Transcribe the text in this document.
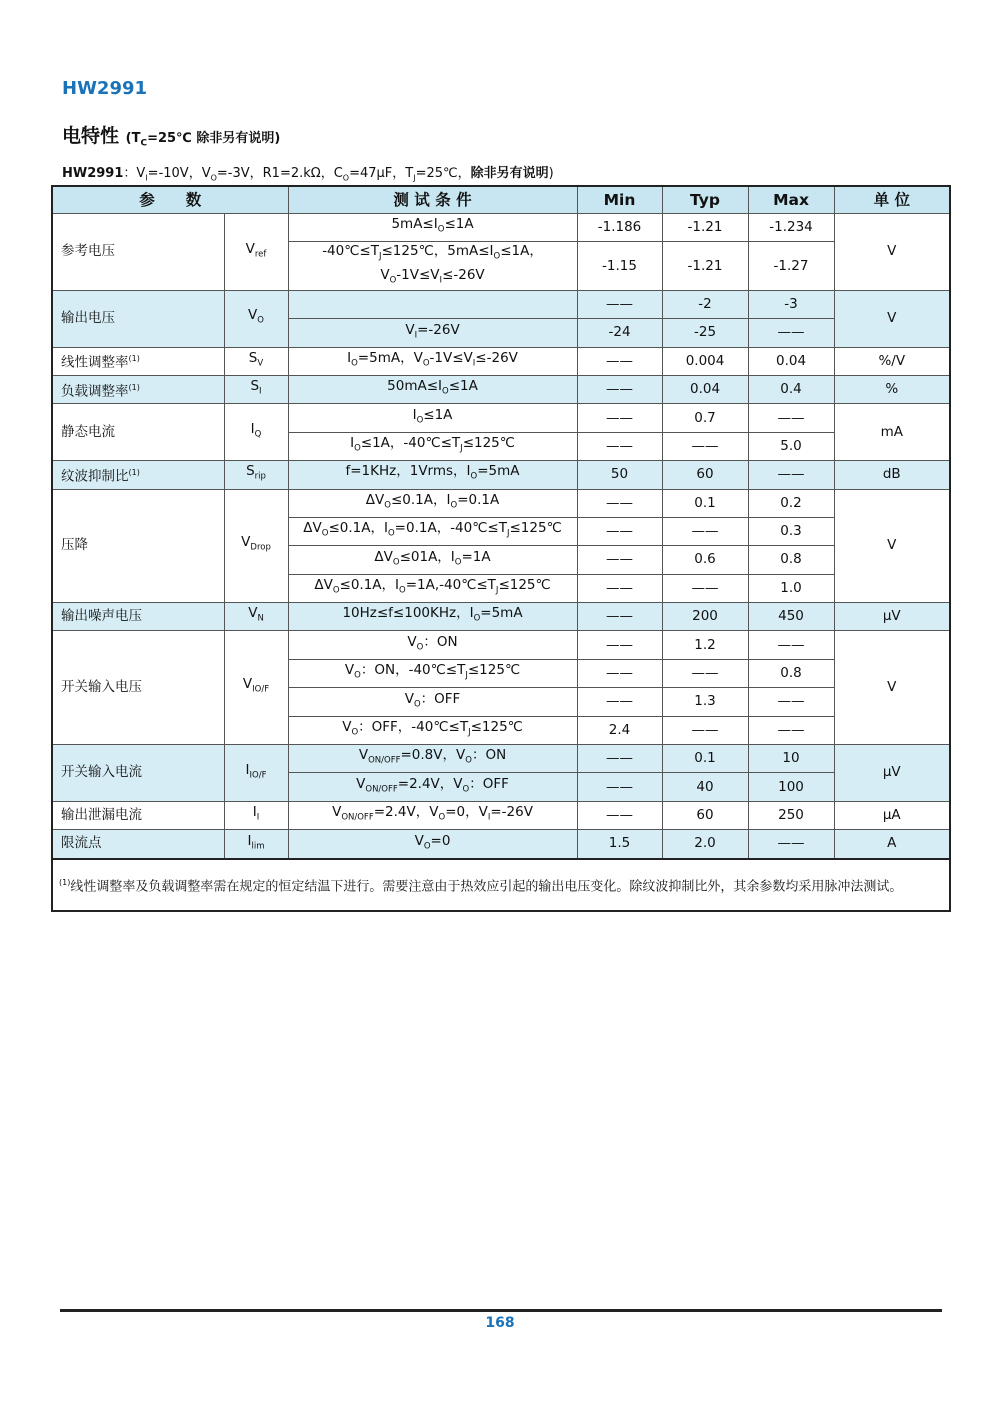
HW2991
电特性 ($T_C=25℃$ 除非另有说明)
HW2991：$V_I=-10V$，$V_O=-3V$，R1=2.kΩ，$C_O=47\mu F$，$T_J=25℃$，除非另有说明)
参　　数		测 试 条 件	Min	Typ	Max	单 位
参考电压	$V_{ref}$	$5mA\le I_O\le 1A$	-1.186	-1.21	-1.234	V
		$-40℃\le T_J\le 125℃$，$5mA\le I_O\le 1A$，
$V_O-1V\le V_I\le-26V$	-1.15	-1.21	-1.27	
输出电压	$V_O$		——	-2	-3	V
		$V_I=-26V$	-24	-25	——	
线性调整率$^{(1)}$	$S_V$	$I_O=5mA$，$V_O-1V\le V_I\le-26V$	——	0.004	0.04	%/V
负载调整率$^{(1)}$	$S_I$	$50mA\le I_O\le 1A$	——	0.04	0.4	%
静态电流	$I_Q$	$I_O\le 1A$	——	0.7	——	mA
		$I_O\le 1A$，$-40℃\le T_J\le 125℃$	——	——	5.0	
纹波抑制比$^{(1)}$	$S_{rip}$	f=1KHz，1Vrms，$I_O=5mA$	50	60	——	dB
压降	$V_{Drop}$	$\Delta V_O\le 0.1A$，$I_O=0.1A$	——	0.1	0.2	V
		$\Delta V_O\le 0.1A$，$I_O=0.1A$，$-40℃\le T_J\le 125℃$	——	——	0.3	
		$\Delta V_O\le 01A$，$I_O=1A$	——	0.6	0.8	
		$\Delta V_O\le 0.1A$，$I_O=1A,-40℃\le T_J\le 125℃$	——	——	1.0	
输出噪声电压	$V_N$	10Hz≤f≤100KHz，$I_O=5mA$	——	200	450	μV
开关输入电压	$V_{IO/F}$	$V_O$：ON	——	1.2	——	V
		$V_O$：ON，$-40℃\le T_J\le 125℃$	——	——	0.8	
		$V_O$：OFF	——	1.3	——	
		$V_O$：OFF，$-40℃\le T_J\le 125℃$	2.4	——	——	
开关输入电流	$I_{IO/F}$	$V_{ON/OFF}=0.8V$，$V_O$：ON	——	0.1	10	μV
		$V_{ON/OFF}=2.4V$，$V_O$：OFF	——	40	100	
输出泄漏电流	$I_I$	$V_{ON/OFF}=2.4V$，$V_O=0$，$V_I=-26V$	——	60	250	μA
限流点	$I_{lim}$	$V_O=0$	1.5	2.0	——	A
$^{(1)}$线性调整率及负载调整率需在规定的恒定结温下进行。需要注意由于热效应引起的输出电压变化。除纹波抑制比外，其余参数均采用脉冲法测试。						
168
